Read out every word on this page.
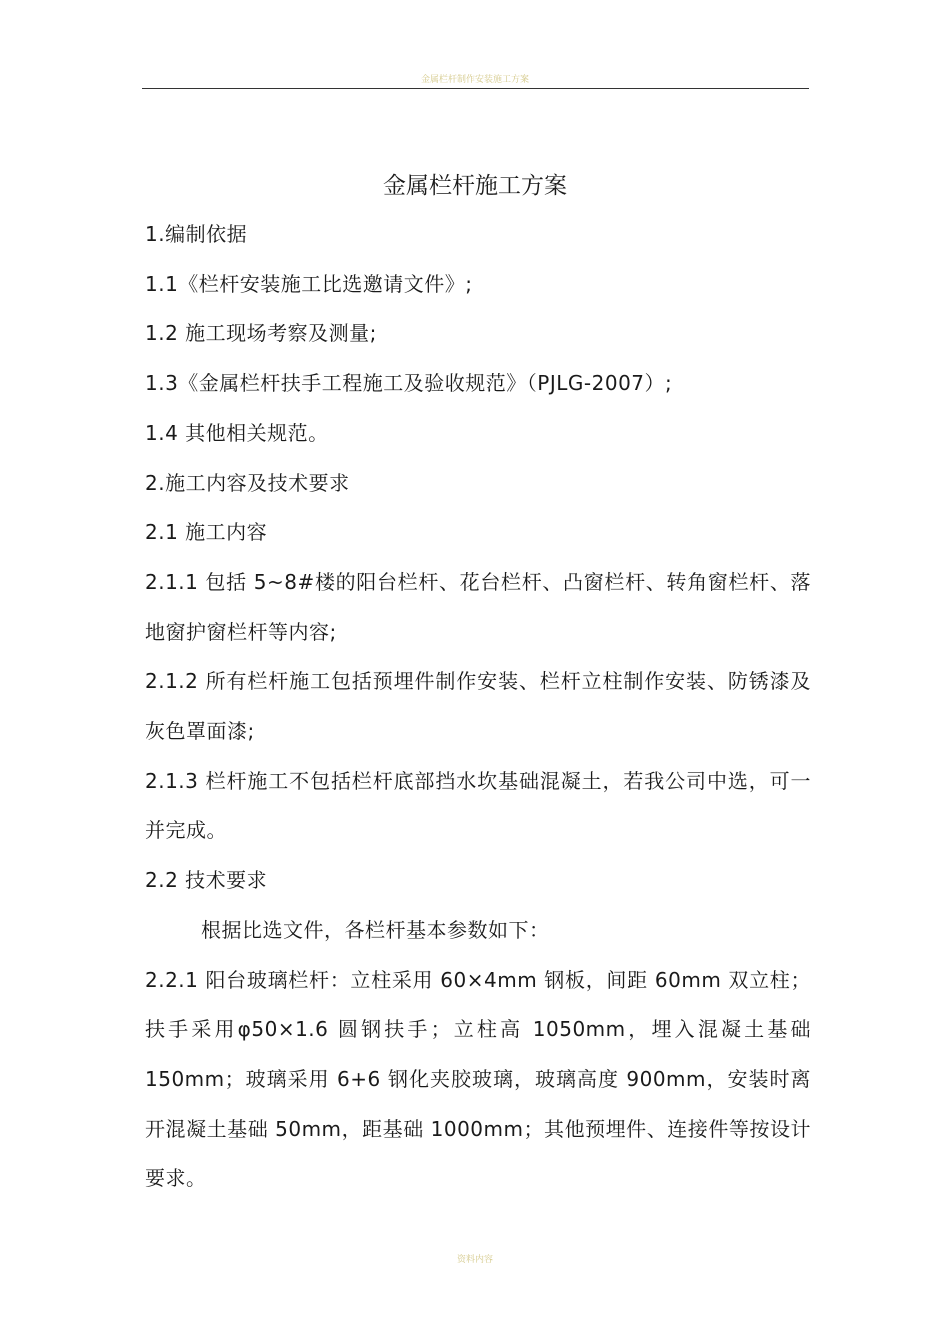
金属栏杆制作安装施工方案
金属栏杆施工方案

1.编制依据

1.1《栏杆安装施工比选邀请文件》;

1.2 施工现场考察及测量;

1.3《金属栏杆扶手工程施工及验收规范》（PJLG-2007）;

1.4 其他相关规范。

2.施工内容及技术要求

2.1 施工内容

2.1.1 包括 5~8#楼的阳台栏杆、花台栏杆、凸窗栏杆、转角窗栏杆、落地窗护窗栏杆等内容;

2.1.2 所有栏杆施工包括预埋件制作安装、栏杆立柱制作安装、防锈漆及灰色罩面漆;

2.1.3 栏杆施工不包括栏杆底部挡水坎基础混凝土，若我公司中选，可一并完成。

2.2 技术要求

根据比选文件，各栏杆基本参数如下：

2.2.1 阳台玻璃栏杆：立柱采用 60×4mm 钢板，间距 60mm 双立柱；扶手采用φ50×1.6 圆钢扶手；立柱高 1050mm，埋入混凝土基础 150mm；玻璃采用 6+6 钢化夹胶玻璃，玻璃高度 900mm，安装时离开混凝土基础 50mm，距基础 1000mm；其他预埋件、连接件等按设计要求。

资料内容
